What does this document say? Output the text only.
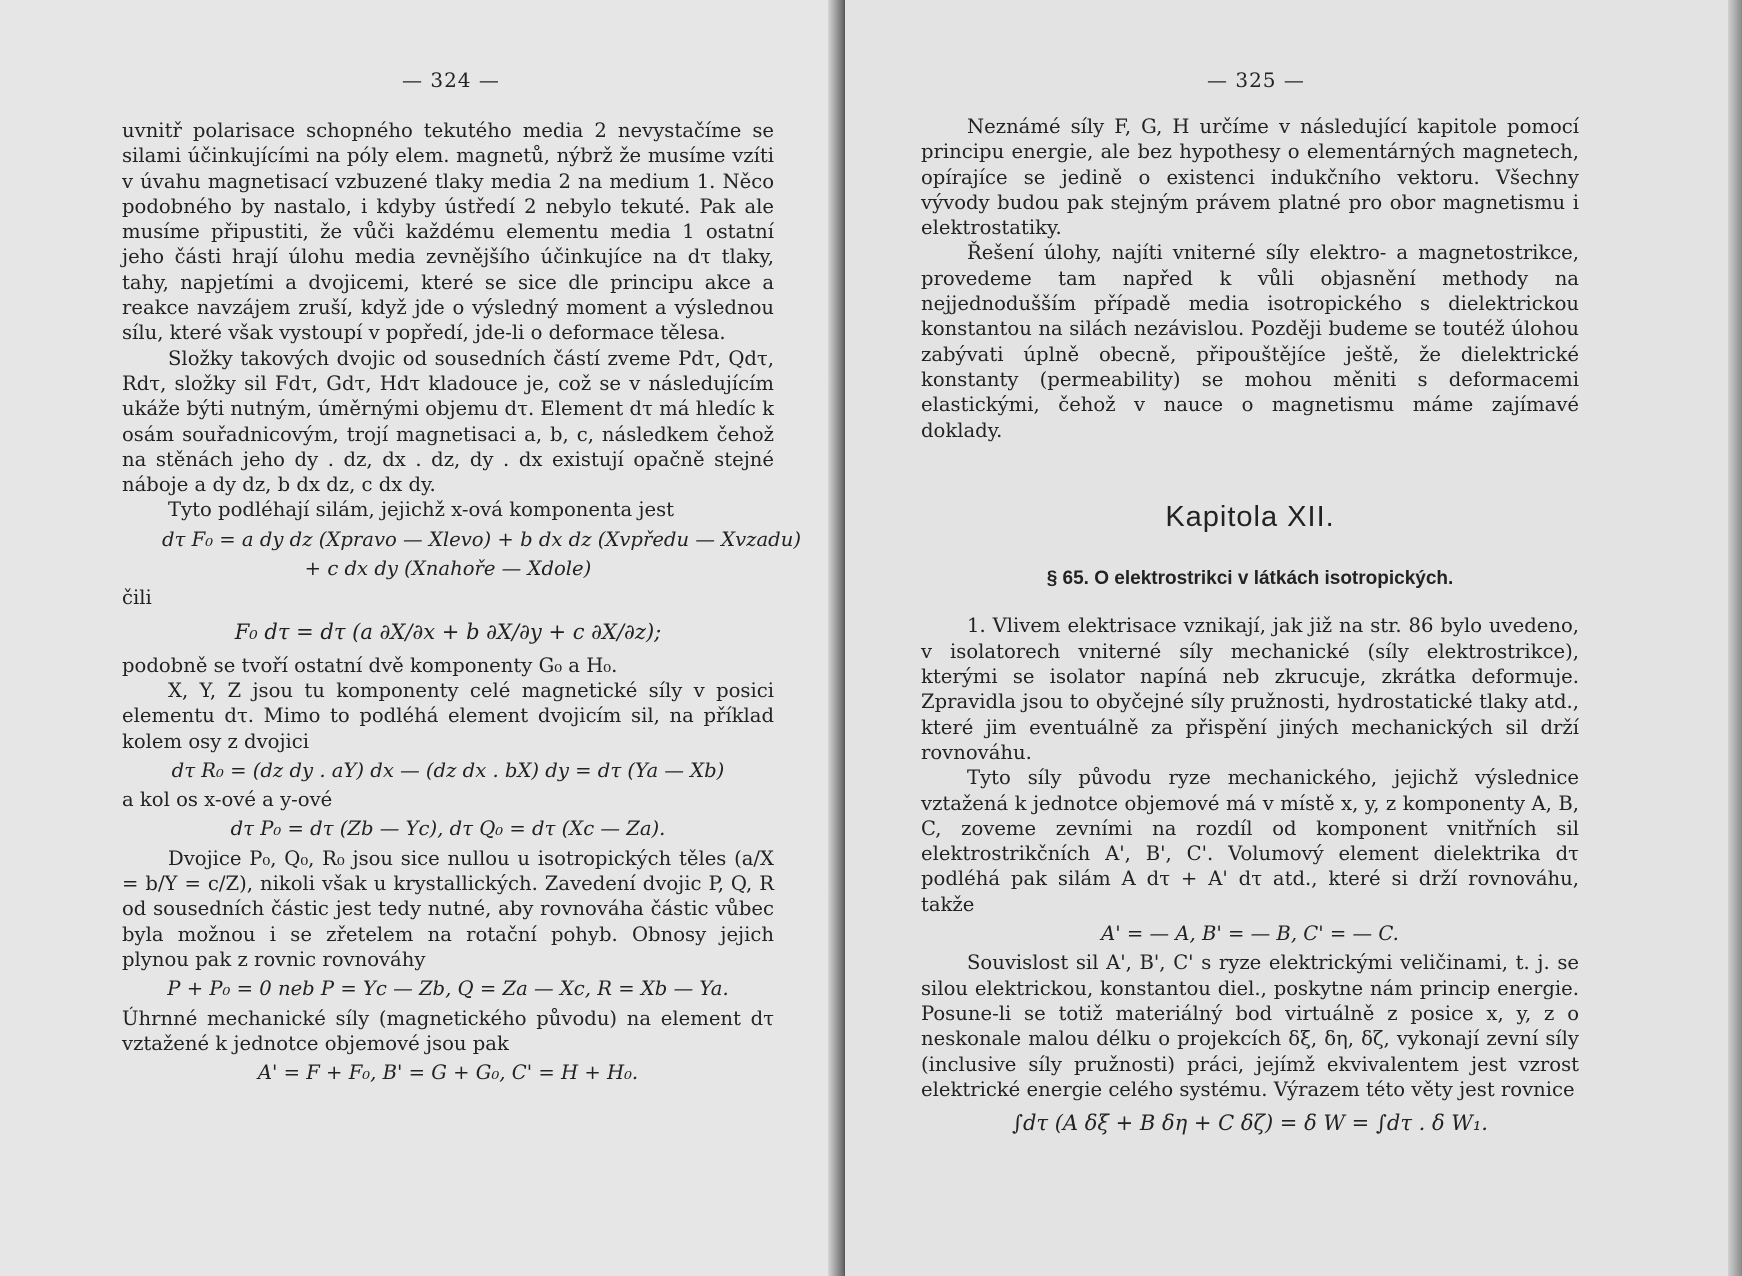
— 324 —

uvnitř polarisace schopného tekutého media 2 nevystačíme se silami účinkujícími na póly elem. magnetů, nýbrž že musíme vzíti v úvahu magnetisací vzbuzené tlaky media 2 na medium 1. Něco podobného by nastalo, i kdyby ústředí 2 nebylo tekuté. Pak ale musíme připustiti, že vůči každému elementu media 1 ostatní jeho části hrají úlohu media zevnějšího účinkujíce na dτ tlaky, tahy, napjetími a dvojicemi, které se sice dle principu akce a reakce navzájem zruší, když jde o výsledný moment a výslednou sílu, které však vystoupí v popředí, jde-li o deformace tělesa.

Složky takových dvojic od sousedních částí zveme Pdτ, Qdτ, Rdτ, složky sil Fdτ, Gdτ, Hdτ kladouce je, což se v následujícím ukáže býti nutným, úměrnými objemu dτ. Element dτ má hledíc k osám souřadnicovým, trojí magnetisaci a, b, c, následkem čehož na stěnách jeho dy . dz, dx . dz, dy . dx existují opačně stejné náboje a dy dz, b dx dz, c dx dy.

Tyto podléhají silám, jejichž x-ová komponenta jest

dτ F₀ = a dy dz (Xpravo — Xlevo) + b dx dz (Xvpředu — Xvzadu)
+ c dx dy (Xnahoře — Xdole)
čili
F₀ dτ = dτ (a ∂X/∂x + b ∂X/∂y + c ∂X/∂z);

podobně se tvoří ostatní dvě komponenty G₀ a H₀.

X, Y, Z jsou tu komponenty celé magnetické síly v posici elementu dτ. Mimo to podléhá element dvojicím sil, na příklad kolem osy z dvojici

dτ R₀ = (dz dy . aY) dx — (dz dx . bX) dy = dτ (Ya — Xb)

a kol os x-ové a y-ové

dτ P₀ = dτ (Zb — Yc), dτ Q₀ = dτ (Xc — Za).

Dvojice P₀, Q₀, R₀ jsou sice nullou u isotropických těles (a/X = b/Y = c/Z), nikoli však u krystallických. Zavedení dvojic P, Q, R od sousedních částic jest tedy nutné, aby rovnováha částic vůbec byla možnou i se zřetelem na rotační pohyb. Obnosy jejich plynou pak z rovnic rovnováhy

P + P₀ = 0 neb P = Yc — Zb, Q = Za — Xc, R = Xb — Ya.

Úhrnné mechanické síly (magnetického původu) na element dτ vztažené k jednotce objemové jsou pak

A' = F + F₀, B' = G + G₀, C' = H + H₀.
— 325 —

Neznámé síly F, G, H určíme v následující kapitole pomocí principu energie, ale bez hypothesy o elementárných magnetech, opírajíce se jedině o existenci indukčního vektoru. Všechny vývody budou pak stejným právem platné pro obor magnetismu i elektrostatiky.

Řešení úlohy, najíti vniterné síly elektro- a magnetostrikce, provedeme tam napřed k vůli objasnění methody na nejjednodušším případě media isotropického s dielektrickou konstantou na silách nezávislou. Později budeme se toutéž úlohou zabývati úplně obecně, připouštějíce ještě, že dielektrické konstanty (permeability) se mohou měniti s deformacemi elastickými, čehož v nauce o magnetismu máme zajímavé doklady.

Kapitola XII.
§ 65. O elektrostrikci v látkách isotropických.

1. Vlivem elektrisace vznikají, jak již na str. 86 bylo uvedeno, v isolatorech vniterné síly mechanické (síly elektrostrikce), kterými se isolator napíná neb zkrucuje, zkrátka deformuje. Zpravidla jsou to obyčejné síly pružnosti, hydrostatické tlaky atd., které jim eventuálně za přispění jiných mechanických sil drží rovnováhu.

Tyto síly původu ryze mechanického, jejichž výslednice vztažená k jednotce objemové má v místě x, y, z komponenty A, B, C, zoveme zevními na rozdíl od komponent vnitřních sil elektrostrikčních A', B', C'. Volumový element dielektrika dτ podléhá pak silám A dτ + A' dτ atd., které si drží rovnováhu, takže

A' = — A, B' = — B, C' = — C.

Souvislost sil A', B', C' s ryze elektrickými veličinami, t. j. se silou elektrickou, konstantou diel., poskytne nám princip energie. Posune-li se totiž materiálný bod virtuálně z posice x, y, z o neskonale malou délku o projekcích δξ, δη, δζ, vykonají zevní síly (inclusive síly pružnosti) práci, jejímž ekvivalentem jest vzrost elektrické energie celého systému. Výrazem této věty jest rovnice

∫dτ (A δξ + B δη + C δζ) = δ W = ∫dτ . δ W₁.
